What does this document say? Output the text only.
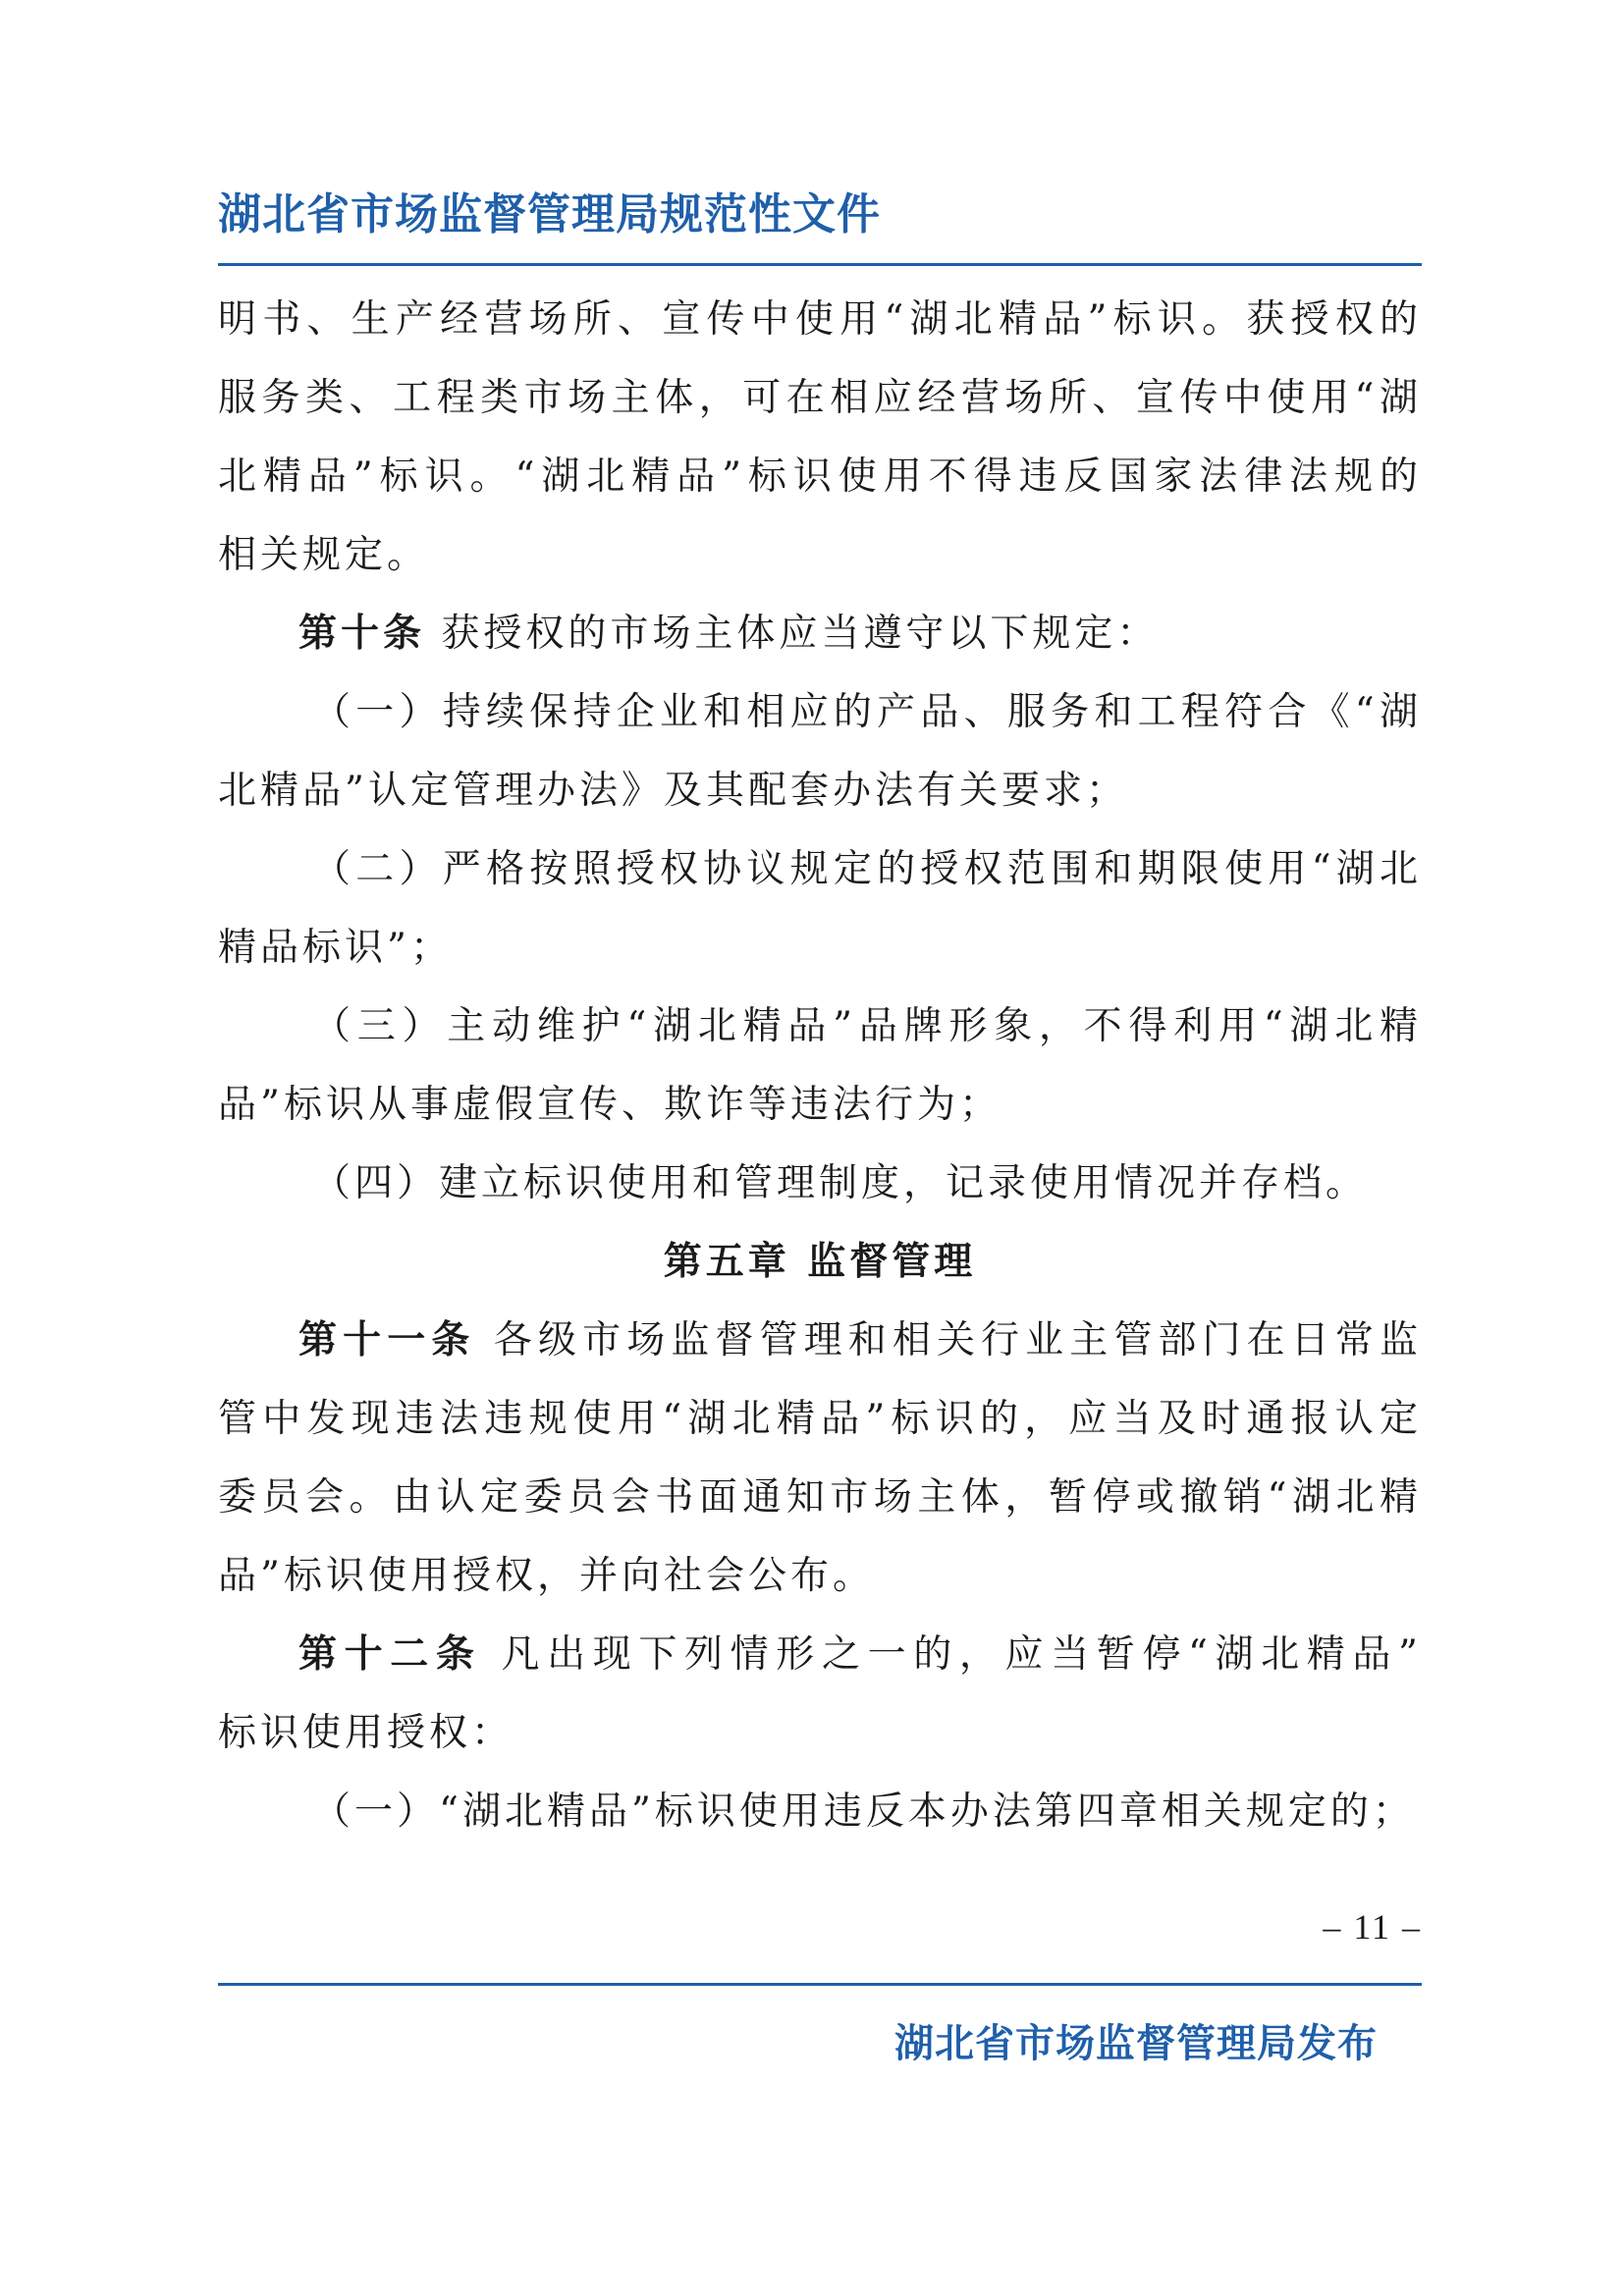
湖北省市场监督管理局规范性文件
明书、生产经营场所、宣传中使用“湖北精品”标识。获授权的
服务类、工程类市场主体，可在相应经营场所、宣传中使用“湖
北精品”标识。“湖北精品”标识使用不得违反国家法律法规的
相关规定。
第十条 获授权的市场主体应当遵守以下规定：
（一）持续保持企业和相应的产品、服务和工程符合《“湖
北精品”认定管理办法》及其配套办法有关要求；
（二）严格按照授权协议规定的授权范围和期限使用“湖北
精品标识”；
（三）主动维护“湖北精品”品牌形象，不得利用“湖北精
品”标识从事虚假宣传、欺诈等违法行为；
（四）建立标识使用和管理制度，记录使用情况并存档。
第五章 监督管理
第十一条 各级市场监督管理和相关行业主管部门在日常监
管中发现违法违规使用“湖北精品”标识的，应当及时通报认定
委员会。由认定委员会书面通知市场主体，暂停或撤销“湖北精
品”标识使用授权，并向社会公布。
第十二条 凡出现下列情形之一的，应当暂停“湖北精品”
标识使用授权：
（一）“湖北精品”标识使用违反本办法第四章相关规定的；
– 11 –
湖北省市场监督管理局发布
